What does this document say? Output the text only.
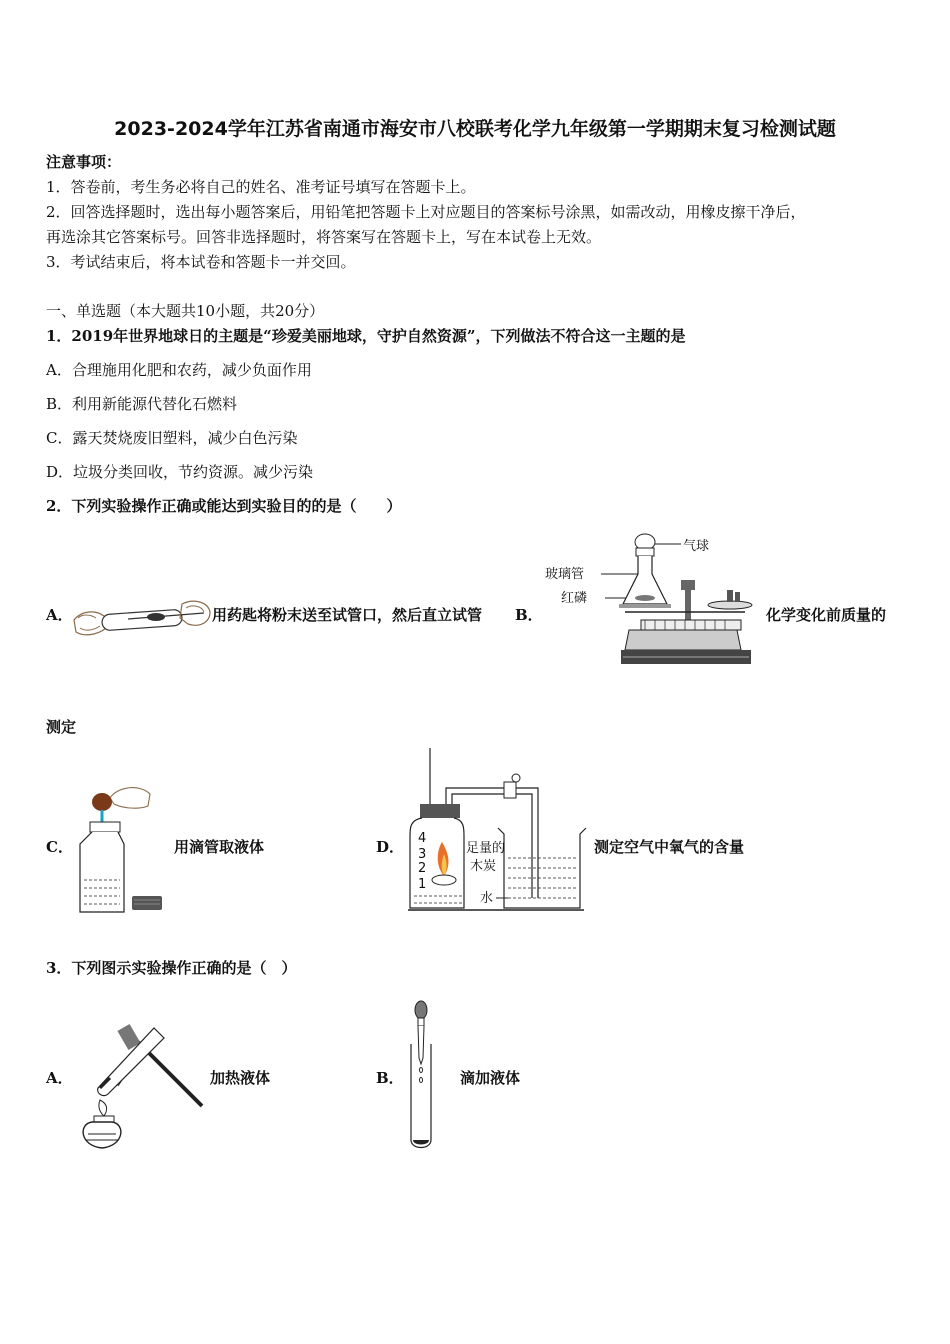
2023-2024学年江苏省南通市海安市八校联考化学九年级第一学期期末复习检测试题
注意事项：
1．答卷前，考生务必将自己的姓名、准考证号填写在答题卡上。
2．回答选择题时，选出每小题答案后，用铅笔把答题卡上对应题目的答案标号涂黑，如需改动，用橡皮擦干净后，
再选涂其它答案标号。回答非选择题时，将答案写在答题卡上，写在本试卷上无效。
3．考试结束后，将本试卷和答题卡一并交回。
一、单选题（本大题共10小题，共20分）
1．2019年世界地球日的主题是“珍爱美丽地球，守护自然资源”，下列做法不符合这一主题的是
A．合理施用化肥和农药，减少负面作用
B．利用新能源代替化石燃料
C．露天焚烧废旧塑料，减少白色污染
D．垃圾分类回收，节约资源。减少污染
2．下列实验操作正确或能达到实验目的的是（　　）
A．	用药匙将粉末送至试管口，然后直立试管 B．
气球
玻璃管
红磷
化学变化前质量的
测定
C．	用滴管取液体	D． 4
3
2
1
足量的
木炭
水
测定空气中氧气的含量
3．下列图示实验操作正确的是（　）
A．	加热液体	B．	滴加液体
